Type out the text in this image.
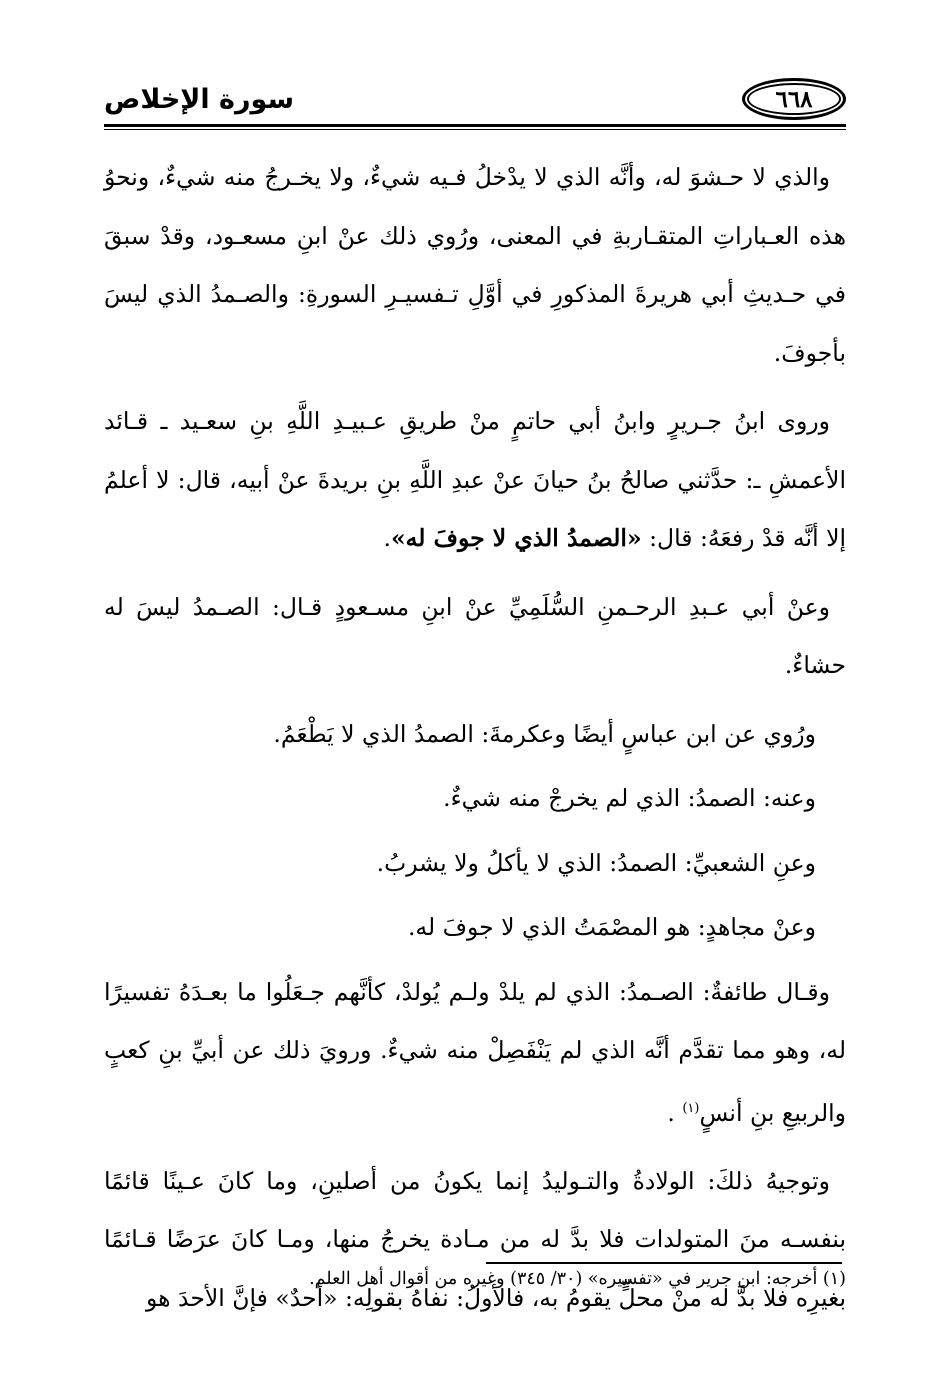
سورة الإخلاص	٦٦٨

والذي لا حـشوَ له، وأنَّه الذي لا يدْخلُ فـيه شيءٌ، ولا يخـرجُ منه شيءٌ، ونحوُ هذه العـباراتِ المتقـاربةِ في المعنى، ورُوي ذلك عنْ ابنِ مسعـود، وقدْ سبقَ في حـديثِ أبي هريرةَ المذكورِ في أوَّلِ تـفسيـرِ السورةِ: والصـمدُ الذي ليسَ بأجوفَ.

وروى ابنُ جـريرٍ وابنُ أبي حاتمٍ منْ طريقِ عـبيـدِ اللَّهِ بنِ سعـيد ـ قـائد الأعمشِ ـ: حدَّثني صالحُ بنُ حيانَ عنْ عبدِ اللَّهِ بنِ بريدةَ عنْ أبيه، قال: لا أعلمُ إلا أنَّه قدْ رفعَهُ: قال: «الصمدُ الذي لا جوفَ له».

وعنْ أبي عـبدِ الرحـمنِ السُّلَمِيِّ عنْ ابنِ مسـعودٍ قـال: الصـمدُ ليسَ له حشاءٌ.

ورُوي عن ابن عباسٍ أيضًا وعكرمةَ: الصمدُ الذي لا يَطْعَمُ.

وعنه: الصمدُ: الذي لم يخرجْ منه شيءٌ.

وعنِ الشعبيِّ: الصمدُ: الذي لا يأكلُ ولا يشربُ.

وعنْ مجاهدٍ: هو المصْمَتُ الذي لا جوفَ له.

وقـال طائفةٌ: الصـمدُ: الذي لم يلدْ ولـم يُولدْ، كأنَّهم جـعَلُوا ما بعـدَهُ تفسيرًا له، وهو مما تقدَّم أنَّه الذي لم يَنْفَصِلْ منه شيءٌ. ورويَ ذلك عن أبيِّ بنِ كعبٍ والربيعِ بنِ أنسٍ$^{(١)}$ .

وتوجيهُ ذلكَ: الولادةُ والتـوليدُ إنما يكونُ من أصلينِ، وما كانَ عـينًا قائمًا بنفسـه منَ المتولدات فلا بدَّ له من مـادة يخرجُ منها، ومـا كانَ عرَضًا قـائمًا بغيرِه فلا بدَّ له منْ محلٍّ يقومُ به، فالأولُ: نفاهُ بقولِه: «أحدٌ» فإنَّ الأحدَ هو

(١) أخرجه: ابن جرير في «تفسيره» (٣٠/ ٣٤٥) وغيره من أقوال أهل العلم.
